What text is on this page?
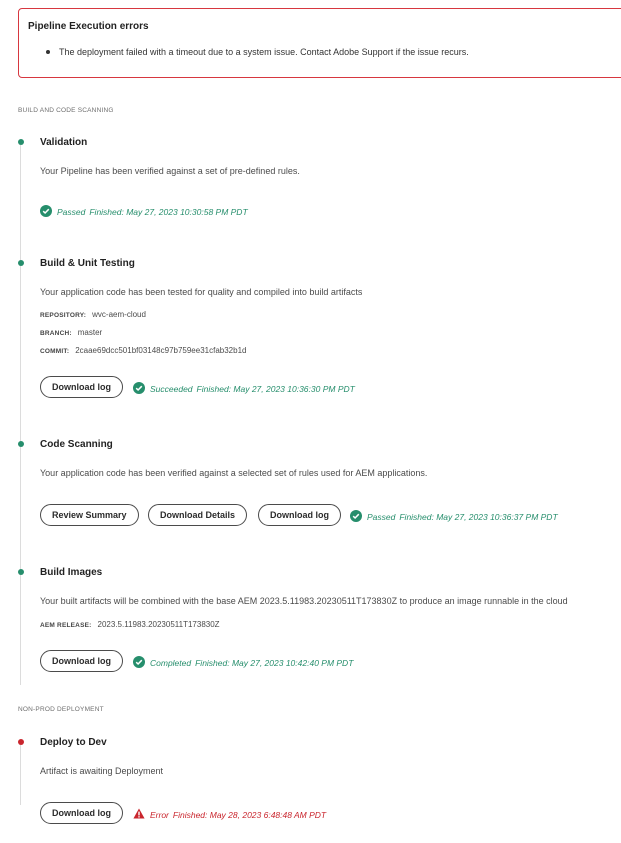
Pipeline Execution errors
The deployment failed with a timeout due to a system issue. Contact Adobe Support if the issue recurs.
BUILD AND CODE SCANNING
Validation
Your Pipeline has been verified against a set of pre-defined rules.
Passed Finished: May 27, 2023 10:30:58 PM PDT
Build & Unit Testing
Your application code has been tested for quality and compiled into build artifacts
REPOSITORY: wvc-aem-cloud
BRANCH: master
COMMIT: 2caae69dcc501bf03148c97b759ee31cfab32b1d
Download log	Succeeded Finished: May 27, 2023 10:36:30 PM PDT
Code Scanning
Your application code has been verified against a selected set of rules used for AEM applications.
Review Summary	Download Details	Download log	Passed Finished: May 27, 2023 10:36:37 PM PDT
Build Images
Your built artifacts will be combined with the base AEM 2023.5.11983.20230511T173830Z to produce an image runnable in the cloud
AEM RELEASE: 2023.5.11983.20230511T173830Z
Download log	Completed Finished: May 27, 2023 10:42:40 PM PDT
NON-PROD DEPLOYMENT
Deploy to Dev
Artifact is awaiting Deployment
Download log	Error Finished: May 28, 2023 6:48:48 AM PDT
